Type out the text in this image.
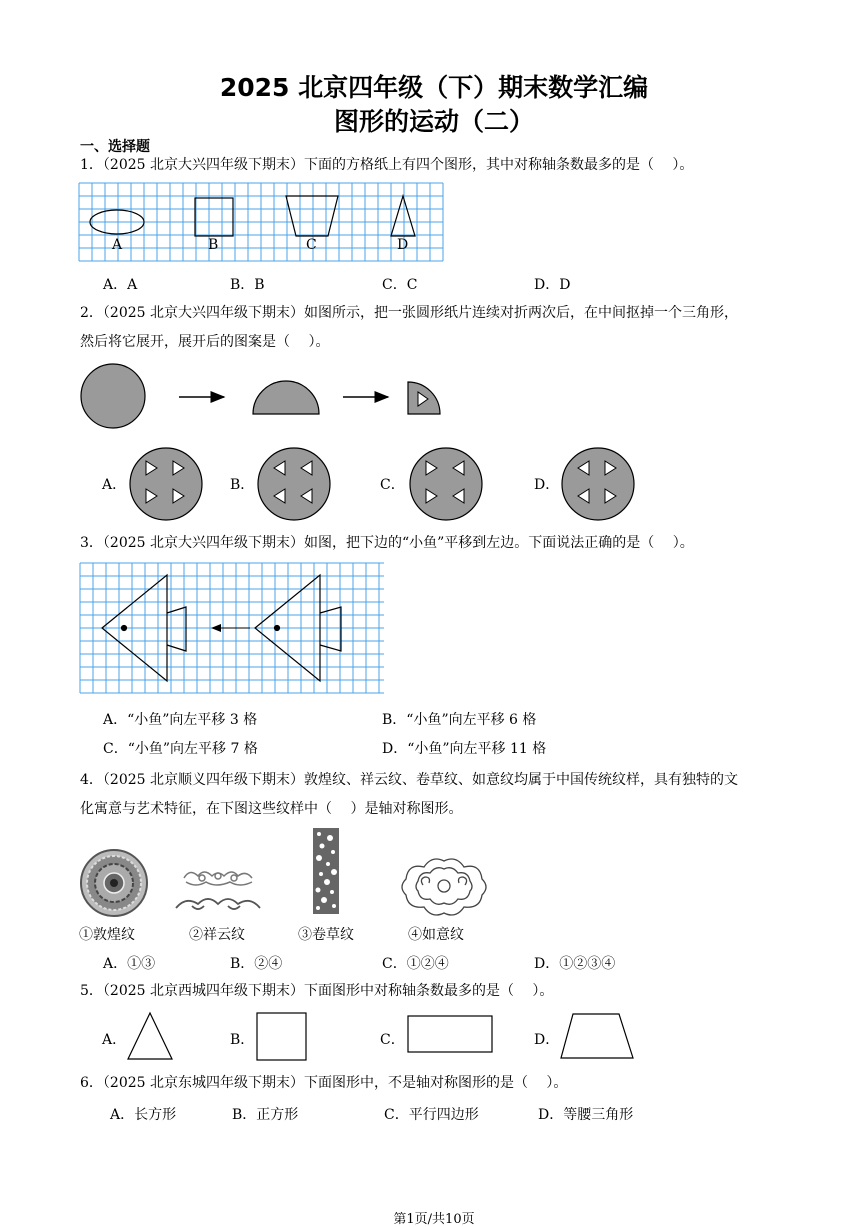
2025 北京四年级（下）期末数学汇编
图形的运动（二）
一、选择题
1．（2025 北京大兴四年级下期末）下面的方格纸上有四个图形，其中对称轴条数最多的是（　 ）。
A	B	C	D
A．A	B．B	C．C	D．D
2．（2025 北京大兴四年级下期末）如图所示，把一张圆形纸片连续对折两次后，在中间抠掉一个三角形，
然后将它展开，展开后的图案是（　 ）。
A．	B．	C．	D．
3．（2025 北京大兴四年级下期末）如图，把下边的“小鱼”平移到左边。下面说法正确的是（　 ）。
A．“小鱼”向左平移 3 格	B．“小鱼”向左平移 6 格
C．“小鱼”向左平移 7 格	D．“小鱼”向左平移 11 格
4．（2025 北京顺义四年级下期末）敦煌纹、祥云纹、卷草纹、如意纹均属于中国传统纹样，具有独特的文
化寓意与艺术特征，在下图这些纹样中（　 ）是轴对称图形。
①敦煌纹	②祥云纹	③卷草纹	④如意纹
A．①③	B．②④	C．①②④	D．①②③④
5．（2025 北京西城四年级下期末）下面图形中对称轴条数最多的是（　 ）。
A．	B．	C．	D．
6．（2025 北京东城四年级下期末）下面图形中，不是轴对称图形的是（　 ）。
A．长方形	B．正方形	C．平行四边形	D．等腰三角形
第1页/共10页
